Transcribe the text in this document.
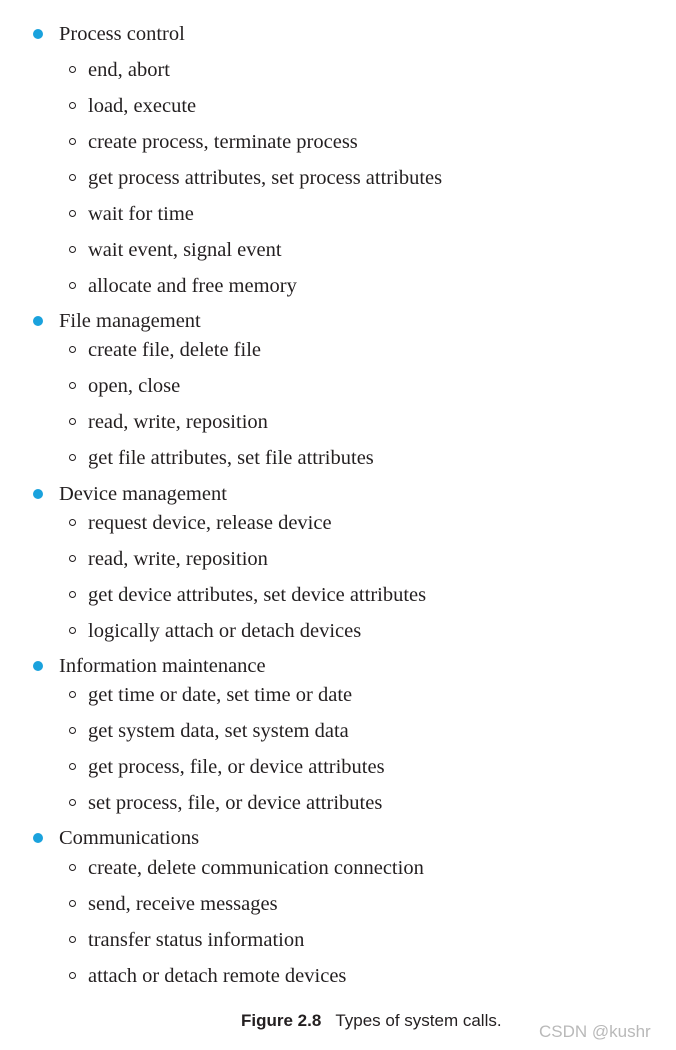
Process control
end, abort
load, execute
create process, terminate process
get process attributes, set process attributes
wait for time
wait event, signal event
allocate and free memory
File management
create file, delete file
open, close
read, write, reposition
get file attributes, set file attributes
Device management
request device, release device
read, write, reposition
get device attributes, set device attributes
logically attach or detach devices
Information maintenance
get time or date, set time or date
get system data, set system data
get process, file, or device attributes
set process, file, or device attributes
Communications
create, delete communication connection
send, receive messages
transfer status information
attach or detach remote devices
Figure 2.8 Types of system calls.
CSDN @kushr
